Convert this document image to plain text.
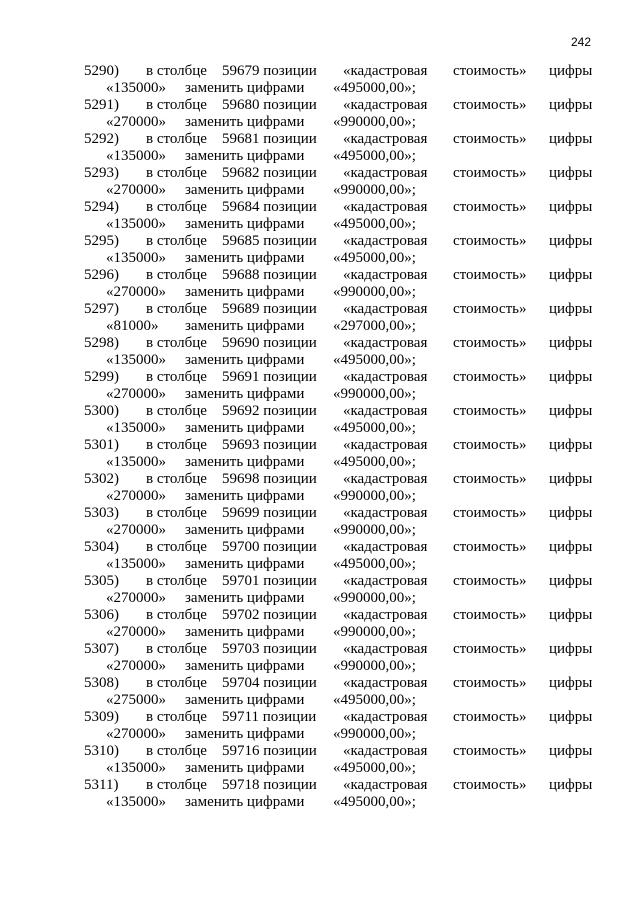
242
5290) в столбце 59679 позиции «кадастровая стоимость» цифры
«135000» заменить цифрами «495000,00»;
5291) в столбце 59680 позиции «кадастровая стоимость» цифры
«270000» заменить цифрами «990000,00»;
5292) в столбце 59681 позиции «кадастровая стоимость» цифры
«135000» заменить цифрами «495000,00»;
5293) в столбце 59682 позиции «кадастровая стоимость» цифры
«270000» заменить цифрами «990000,00»;
5294) в столбце 59684 позиции «кадастровая стоимость» цифры
«135000» заменить цифрами «495000,00»;
5295) в столбце 59685 позиции «кадастровая стоимость» цифры
«135000» заменить цифрами «495000,00»;
5296) в столбце 59688 позиции «кадастровая стоимость» цифры
«270000» заменить цифрами «990000,00»;
5297) в столбце 59689 позиции «кадастровая стоимость» цифры
«81000» заменить цифрами «297000,00»;
5298) в столбце 59690 позиции «кадастровая стоимость» цифры
«135000» заменить цифрами «495000,00»;
5299) в столбце 59691 позиции «кадастровая стоимость» цифры
«270000» заменить цифрами «990000,00»;
5300) в столбце 59692 позиции «кадастровая стоимость» цифры
«135000» заменить цифрами «495000,00»;
5301) в столбце 59693 позиции «кадастровая стоимость» цифры
«135000» заменить цифрами «495000,00»;
5302) в столбце 59698 позиции «кадастровая стоимость» цифры
«270000» заменить цифрами «990000,00»;
5303) в столбце 59699 позиции «кадастровая стоимость» цифры
«270000» заменить цифрами «990000,00»;
5304) в столбце 59700 позиции «кадастровая стоимость» цифры
«135000» заменить цифрами «495000,00»;
5305) в столбце 59701 позиции «кадастровая стоимость» цифры
«270000» заменить цифрами «990000,00»;
5306) в столбце 59702 позиции «кадастровая стоимость» цифры
«270000» заменить цифрами «990000,00»;
5307) в столбце 59703 позиции «кадастровая стоимость» цифры
«270000» заменить цифрами «990000,00»;
5308) в столбце 59704 позиции «кадастровая стоимость» цифры
«275000» заменить цифрами «495000,00»;
5309) в столбце 59711 позиции «кадастровая стоимость» цифры
«270000» заменить цифрами «990000,00»;
5310) в столбце 59716 позиции «кадастровая стоимость» цифры
«135000» заменить цифрами «495000,00»;
5311) в столбце 59718 позиции «кадастровая стоимость» цифры
«135000» заменить цифрами «495000,00»;
